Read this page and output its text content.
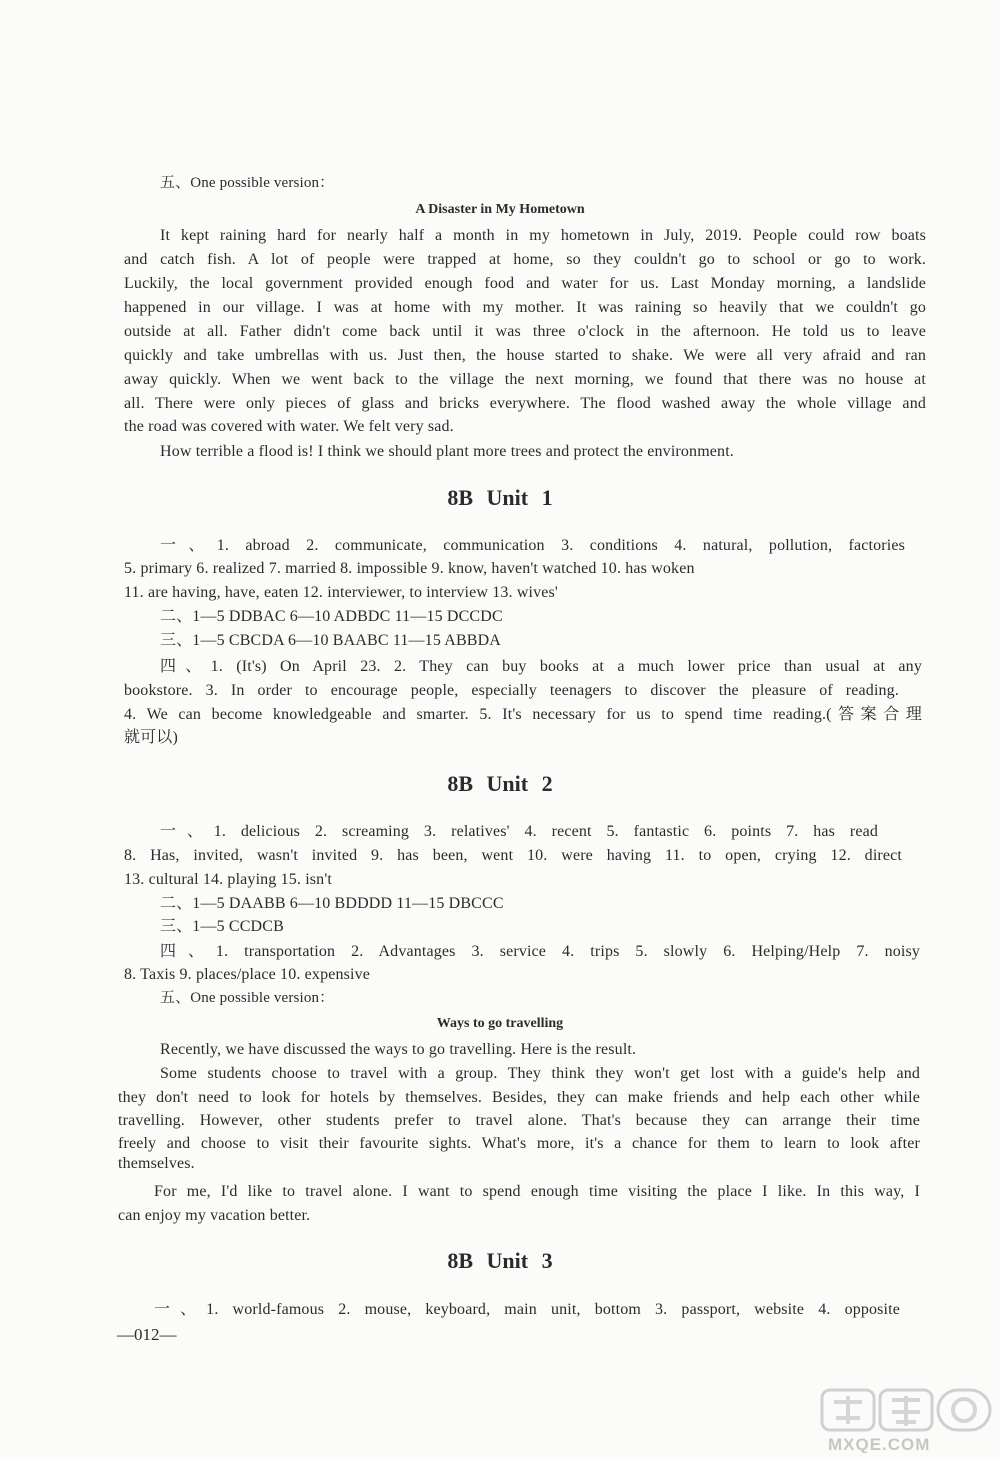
五、One possible version：
A Disaster in My Hometown
It kept raining hard for nearly half a month in my hometown in July, 2019. People could row boats
and catch fish. A lot of people were trapped at home, so they couldn't go to school or go to work.
Luckily, the local government provided enough food and water for us. Last Monday morning, a landslide
happened in our village. I was at home with my mother. It was raining so heavily that we couldn't go
outside at all. Father didn't come back until it was three o'clock in the afternoon. He told us to leave
quickly and take umbrellas with us. Just then, the house started to shake. We were all very afraid and ran
away quickly. When we went back to the village the next morning, we found that there was no house at
all. There were only pieces of glass and bricks everywhere. The flood washed away the whole village and
the road was covered with water. We felt very sad.
How terrible a flood is! I think we should plant more trees and protect the environment.
8B Unit 1
一、1. abroad 2. communicate, communication 3. conditions 4. natural, pollution, factories
5. primary 6. realized 7. married 8. impossible 9. know, haven't watched 10. has woken
11. are having, have, eaten 12. interviewer, to interview 13. wives'
二、1—5 DDBAC 6—10 ADBDC 11—15 DCCDC
三、1—5 CBCDA 6—10 BAABC 11—15 ABBDA
四、1. (It's) On April 23. 2. They can buy books at a much lower price than usual at any
bookstore. 3. In order to encourage people, especially teenagers to discover the pleasure of reading.
4. We can become knowledgeable and smarter. 5. It's necessary for us to spend time reading.(答案合理
就可以)
8B Unit 2
一、1. delicious 2. screaming 3. relatives' 4. recent 5. fantastic 6. points 7. has read
8. Has, invited, wasn't invited 9. has been, went 10. were having 11. to open, crying 12. direct
13. cultural 14. playing 15. isn't
二、1—5 DAABB 6—10 BDDDD 11—15 DBCCC
三、1—5 CCDCB
四、1. transportation 2. Advantages 3. service 4. trips 5. slowly 6. Helping/Help 7. noisy
8. Taxis 9. places/place 10. expensive
五、One possible version：
Ways to go travelling
Recently, we have discussed the ways to go travelling. Here is the result.
Some students choose to travel with a group. They think they won't get lost with a guide's help and
they don't need to look for hotels by themselves. Besides, they can make friends and help each other while
travelling. However, other students prefer to travel alone. That's because they can arrange their time
freely and choose to visit their favourite sights. What's more, it's a chance for them to learn to look after
themselves.
For me, I'd like to travel alone. I want to spend enough time visiting the place I like. In this way, I
can enjoy my vacation better.
8B Unit 3
一、1. world-famous 2. mouse, keyboard, main unit, bottom 3. passport, website 4. opposite
—012—
MXQE.COM
